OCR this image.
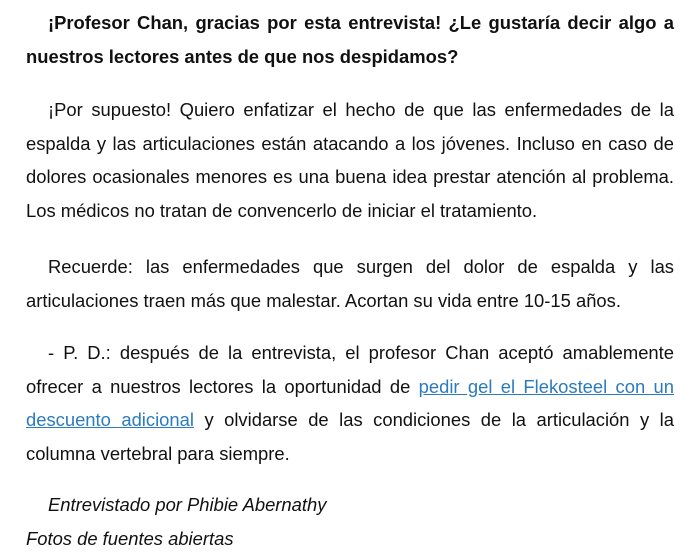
¡Profesor Chan, gracias por esta entrevista! ¿Le gustaría decir algo a nuestros lectores antes de que nos despidamos?

¡Por supuesto! Quiero enfatizar el hecho de que las enfermedades de la espalda y las articulaciones están atacando a los jóvenes. Incluso en caso de dolores ocasionales menores es una buena idea prestar atención al problema. Los médicos no tratan de convencerlo de iniciar el tratamiento.

Recuerde: las enfermedades que surgen del dolor de espalda y las articulaciones traen más que malestar. Acortan su vida entre 10-15 años.

- P. D.: después de la entrevista, el profesor Chan aceptó amablemente ofrecer a nuestros lectores la oportunidad de pedir gel el Flekosteel con un descuento adicional y olvidarse de las condiciones de la articulación y la columna vertebral para siempre.

Entrevistado por Phibie Abernathy

Fotos de fuentes abiertas
